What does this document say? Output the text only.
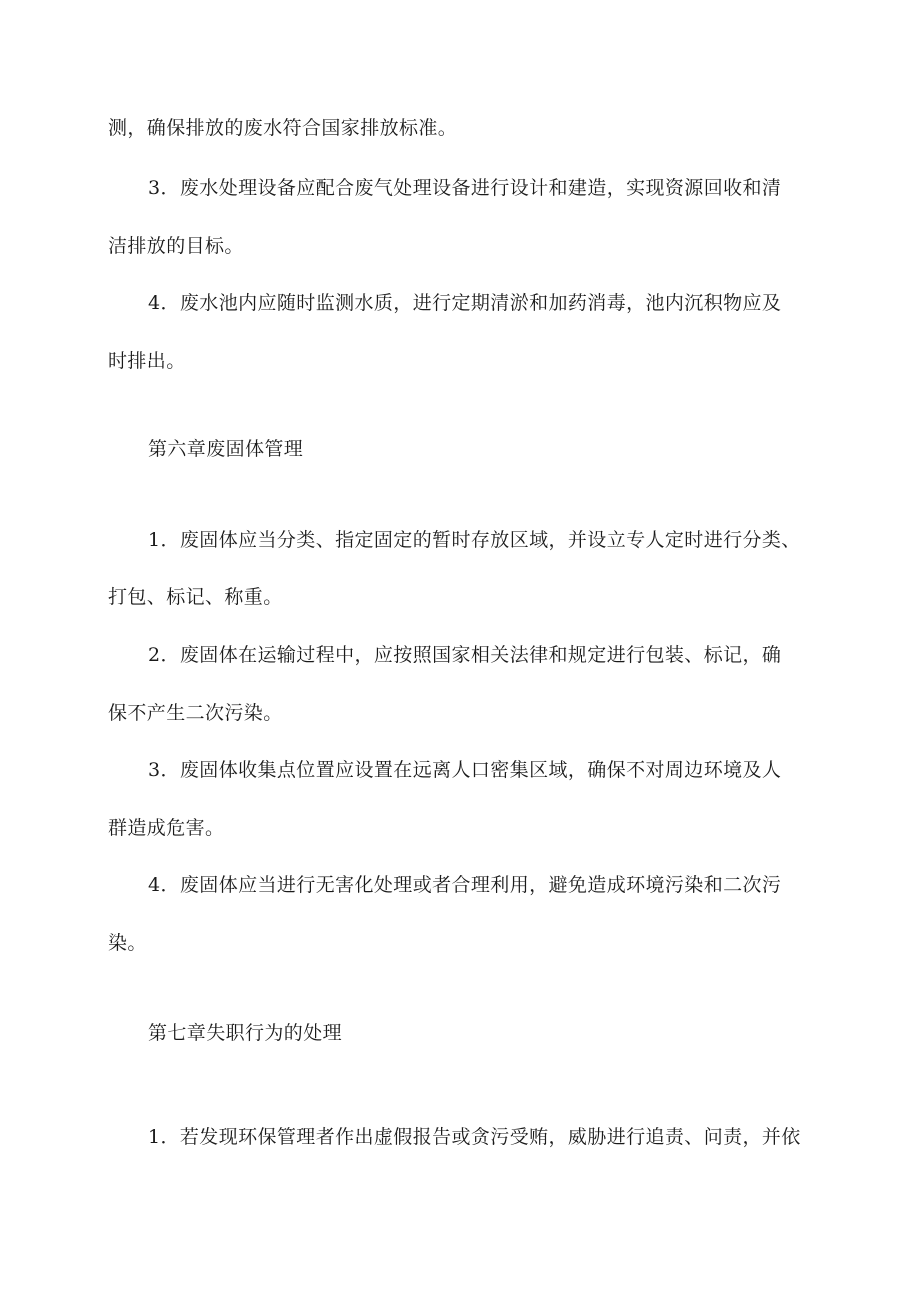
测，确保排放的废水符合国家排放标准。
3．废水处理设备应配合废气处理设备进行设计和建造，实现资源回收和清
洁排放的目标。
4．废水池内应随时监测水质，进行定期清淤和加药消毒，池内沉积物应及
时排出。
第六章废固体管理
1．废固体应当分类、指定固定的暂时存放区域，并设立专人定时进行分类、
打包、标记、称重。
2．废固体在运输过程中，应按照国家相关法律和规定进行包装、标记，确
保不产生二次污染。
3．废固体收集点位置应设置在远离人口密集区域，确保不对周边环境及人
群造成危害。
4．废固体应当进行无害化处理或者合理利用，避免造成环境污染和二次污
染。
第七章失职行为的处理
1．若发现环保管理者作出虚假报告或贪污受贿，威胁进行追责、问责，并依
